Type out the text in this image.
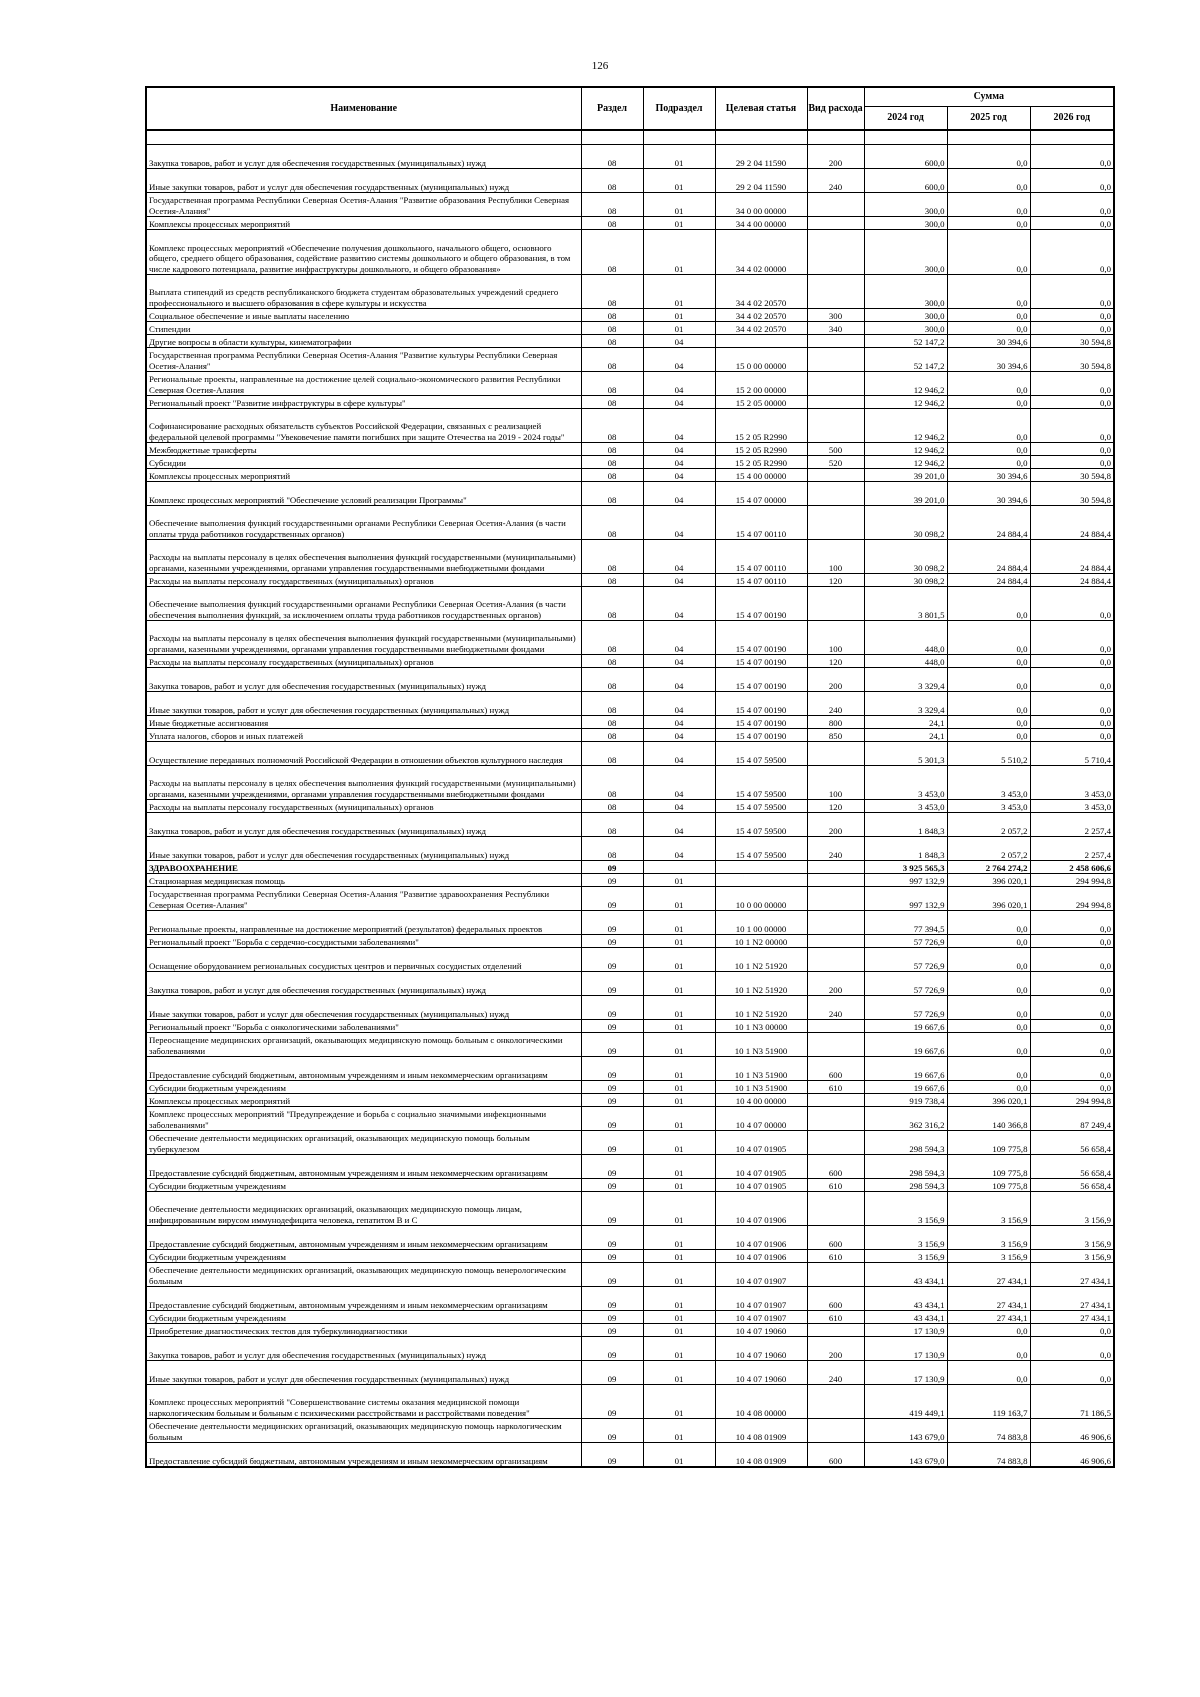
126
Наименование	Раздел	Подраздел	Целевая статья	Вид расхода	Сумма		
					2024 год	2025 год	2026 год

Закупка товаров, работ и услуг для обеспечения государственных (муниципальных) нужд	08	01	29 2 04 11590	200	600,0	0,0	0,0
Иные закупки товаров, работ и услуг для обеспечения государственных (муниципальных) нужд	08	01	29 2 04 11590	240	600,0	0,0	0,0
Государственная программа Республики Северная Осетия-Алания "Развитие образования Республики Северная Осетия-Алания"	08	01	34 0 00 00000		300,0	0,0	0,0
Комплексы процессных мероприятий	08	01	34 4 00 00000		300,0	0,0	0,0
Комплекс процессных мероприятий «Обеспечение получения дошкольного, начального общего, основного общего, среднего общего образования, содействие развитию системы дошкольного и общего образования, в том числе кадрового потенциала, развитие инфраструктуры дошкольного, и общего образования»	08	01	34 4 02 00000		300,0	0,0	0,0
Выплата стипендий из средств республиканского бюджета студентам образовательных учреждений среднего профессионального и высшего образования в сфере культуры и искусства	08	01	34 4 02 20570		300,0	0,0	0,0
Социальное обеспечение и иные выплаты населению	08	01	34 4 02 20570	300	300,0	0,0	0,0
Стипендии	08	01	34 4 02 20570	340	300,0	0,0	0,0
Другие вопросы в области культуры, кинематографии	08	04			52 147,2	30 394,6	30 594,8
Государственная программа Республики Северная Осетия-Алания "Развитие культуры Республики Северная Осетия-Алания"	08	04	15 0 00 00000		52 147,2	30 394,6	30 594,8
Региональные проекты, направленные на достижение целей социально-экономического развития Республики Северная Осетия-Алания	08	04	15 2 00 00000		12 946,2	0,0	0,0
Региональный проект "Развитие инфраструктуры в сфере культуры"	08	04	15 2 05 00000		12 946,2	0,0	0,0
Софинансирование расходных обязательств субъектов Российской Федерации, связанных с реализацией федеральной целевой программы "Увековечение памяти погибших при защите Отечества на 2019 - 2024 годы"	08	04	15 2 05 R2990		12 946,2	0,0	0,0
Межбюджетные трансферты	08	04	15 2 05 R2990	500	12 946,2	0,0	0,0
Субсидии	08	04	15 2 05 R2990	520	12 946,2	0,0	0,0
Комплексы процессных мероприятий	08	04	15 4 00 00000		39 201,0	30 394,6	30 594,8
Комплекс процессных мероприятий "Обеспечение условий реализации Программы"	08	04	15 4 07 00000		39 201,0	30 394,6	30 594,8
Обеспечение выполнения функций государственными органами Республики Северная Осетия-Алания (в части оплаты труда работников государственных органов)	08	04	15 4 07 00110		30 098,2	24 884,4	24 884,4
Расходы на выплаты персоналу в целях обеспечения выполнения функций государственными (муниципальными) органами, казенными учреждениями, органами управления государственными внебюджетными фондами	08	04	15 4 07 00110	100	30 098,2	24 884,4	24 884,4
Расходы на выплаты персоналу государственных (муниципальных) органов	08	04	15 4 07 00110	120	30 098,2	24 884,4	24 884,4
Обеспечение выполнения функций государственными органами Республики Северная Осетия-Алания (в части обеспечения выполнения функций, за исключением оплаты труда работников государственных органов)	08	04	15 4 07 00190		3 801,5	0,0	0,0
Расходы на выплаты персоналу в целях обеспечения выполнения функций государственными (муниципальными) органами, казенными учреждениями, органами управления государственными внебюджетными фондами	08	04	15 4 07 00190	100	448,0	0,0	0,0
Расходы на выплаты персоналу государственных (муниципальных) органов	08	04	15 4 07 00190	120	448,0	0,0	0,0
Закупка товаров, работ и услуг для обеспечения государственных (муниципальных) нужд	08	04	15 4 07 00190	200	3 329,4	0,0	0,0
Иные закупки товаров, работ и услуг для обеспечения государственных (муниципальных) нужд	08	04	15 4 07 00190	240	3 329,4	0,0	0,0
Иные бюджетные ассигнования	08	04	15 4 07 00190	800	24,1	0,0	0,0
Уплата налогов, сборов и иных платежей	08	04	15 4 07 00190	850	24,1	0,0	0,0
Осуществление переданных полномочий Российской Федерации в отношении объектов культурного наследия	08	04	15 4 07 59500		5 301,3	5 510,2	5 710,4
Расходы на выплаты персоналу в целях обеспечения выполнения функций государственными (муниципальными) органами, казенными учреждениями, органами управления государственными внебюджетными фондами	08	04	15 4 07 59500	100	3 453,0	3 453,0	3 453,0
Расходы на выплаты персоналу государственных (муниципальных) органов	08	04	15 4 07 59500	120	3 453,0	3 453,0	3 453,0
Закупка товаров, работ и услуг для обеспечения государственных (муниципальных) нужд	08	04	15 4 07 59500	200	1 848,3	2 057,2	2 257,4
Иные закупки товаров, работ и услуг для обеспечения государственных (муниципальных) нужд	08	04	15 4 07 59500	240	1 848,3	2 057,2	2 257,4
ЗДРАВООХРАНЕНИЕ	09				3 925 565,3	2 764 274,2	2 458 606,6
Стационарная медицинская помощь	09	01			997 132,9	396 020,1	294 994,8
Государственная программа Республики Северная Осетия-Алания "Развитие здравоохранения Республики Северная Осетия-Алания"	09	01	10 0 00 00000		997 132,9	396 020,1	294 994,8
Региональные проекты, направленные на достижение мероприятий (результатов) федеральных проектов	09	01	10 1 00 00000		77 394,5	0,0	0,0
Региональный проект "Борьба с сердечно-сосудистыми заболеваниями"	09	01	10 1 N2 00000		57 726,9	0,0	0,0
Оснащение оборудованием региональных сосудистых центров и первичных сосудистых отделений	09	01	10 1 N2 51920		57 726,9	0,0	0,0
Закупка товаров, работ и услуг для обеспечения государственных (муниципальных) нужд	09	01	10 1 N2 51920	200	57 726,9	0,0	0,0
Иные закупки товаров, работ и услуг для обеспечения государственных (муниципальных) нужд	09	01	10 1 N2 51920	240	57 726,9	0,0	0,0
Региональный проект "Борьба с онкологическими заболеваниями"	09	01	10 1 N3 00000		19 667,6	0,0	0,0
Переоснащение медицинских организаций, оказывающих медицинскую помощь больным с онкологическими заболеваниями	09	01	10 1 N3 51900		19 667,6	0,0	0,0
Предоставление субсидий бюджетным, автономным учреждениям и иным некоммерческим организациям	09	01	10 1 N3 51900	600	19 667,6	0,0	0,0
Субсидии бюджетным учреждениям	09	01	10 1 N3 51900	610	19 667,6	0,0	0,0
Комплексы процессных мероприятий	09	01	10 4 00 00000		919 738,4	396 020,1	294 994,8
Комплекс процессных мероприятий "Предупреждение и борьба с социально значимыми инфекционными заболеваниями"	09	01	10 4 07 00000		362 316,2	140 366,8	87 249,4
Обеспечение деятельности медицинских организаций, оказывающих медицинскую помощь больным туберкулезом	09	01	10 4 07 01905		298 594,3	109 775,8	56 658,4
Предоставление субсидий бюджетным, автономным учреждениям и иным некоммерческим организациям	09	01	10 4 07 01905	600	298 594,3	109 775,8	56 658,4
Субсидии бюджетным учреждениям	09	01	10 4 07 01905	610	298 594,3	109 775,8	56 658,4
Обеспечение деятельности медицинских организаций, оказывающих медицинскую помощь лицам, инфицированным вирусом иммунодефицита человека, гепатитом В и С	09	01	10 4 07 01906		3 156,9	3 156,9	3 156,9
Предоставление субсидий бюджетным, автономным учреждениям и иным некоммерческим организациям	09	01	10 4 07 01906	600	3 156,9	3 156,9	3 156,9
Субсидии бюджетным учреждениям	09	01	10 4 07 01906	610	3 156,9	3 156,9	3 156,9
Обеспечение деятельности медицинских организаций, оказывающих медицинскую помощь венерологическим больным	09	01	10 4 07 01907		43 434,1	27 434,1	27 434,1
Предоставление субсидий бюджетным, автономным учреждениям и иным некоммерческим организациям	09	01	10 4 07 01907	600	43 434,1	27 434,1	27 434,1
Субсидии бюджетным учреждениям	09	01	10 4 07 01907	610	43 434,1	27 434,1	27 434,1
Приобретение диагностических тестов для туберкулинодиагностики	09	01	10 4 07 19060		17 130,9	0,0	0,0
Закупка товаров, работ и услуг для обеспечения государственных (муниципальных) нужд	09	01	10 4 07 19060	200	17 130,9	0,0	0,0
Иные закупки товаров, работ и услуг для обеспечения государственных (муниципальных) нужд	09	01	10 4 07 19060	240	17 130,9	0,0	0,0
Комплекс процессных мероприятий "Совершенствование системы оказания медицинской помощи наркологическим больным и больным с психическими расстройствами и расстройствами поведения"	09	01	10 4 08 00000		419 449,1	119 163,7	71 186,5
Обеспечение деятельности медицинских организаций, оказывающих медицинскую помощь наркологическим больным	09	01	10 4 08 01909		143 679,0	74 883,8	46 906,6
Предоставление субсидий бюджетным, автономным учреждениям и иным некоммерческим организациям	09	01	10 4 08 01909	600	143 679,0	74 883,8	46 906,6
